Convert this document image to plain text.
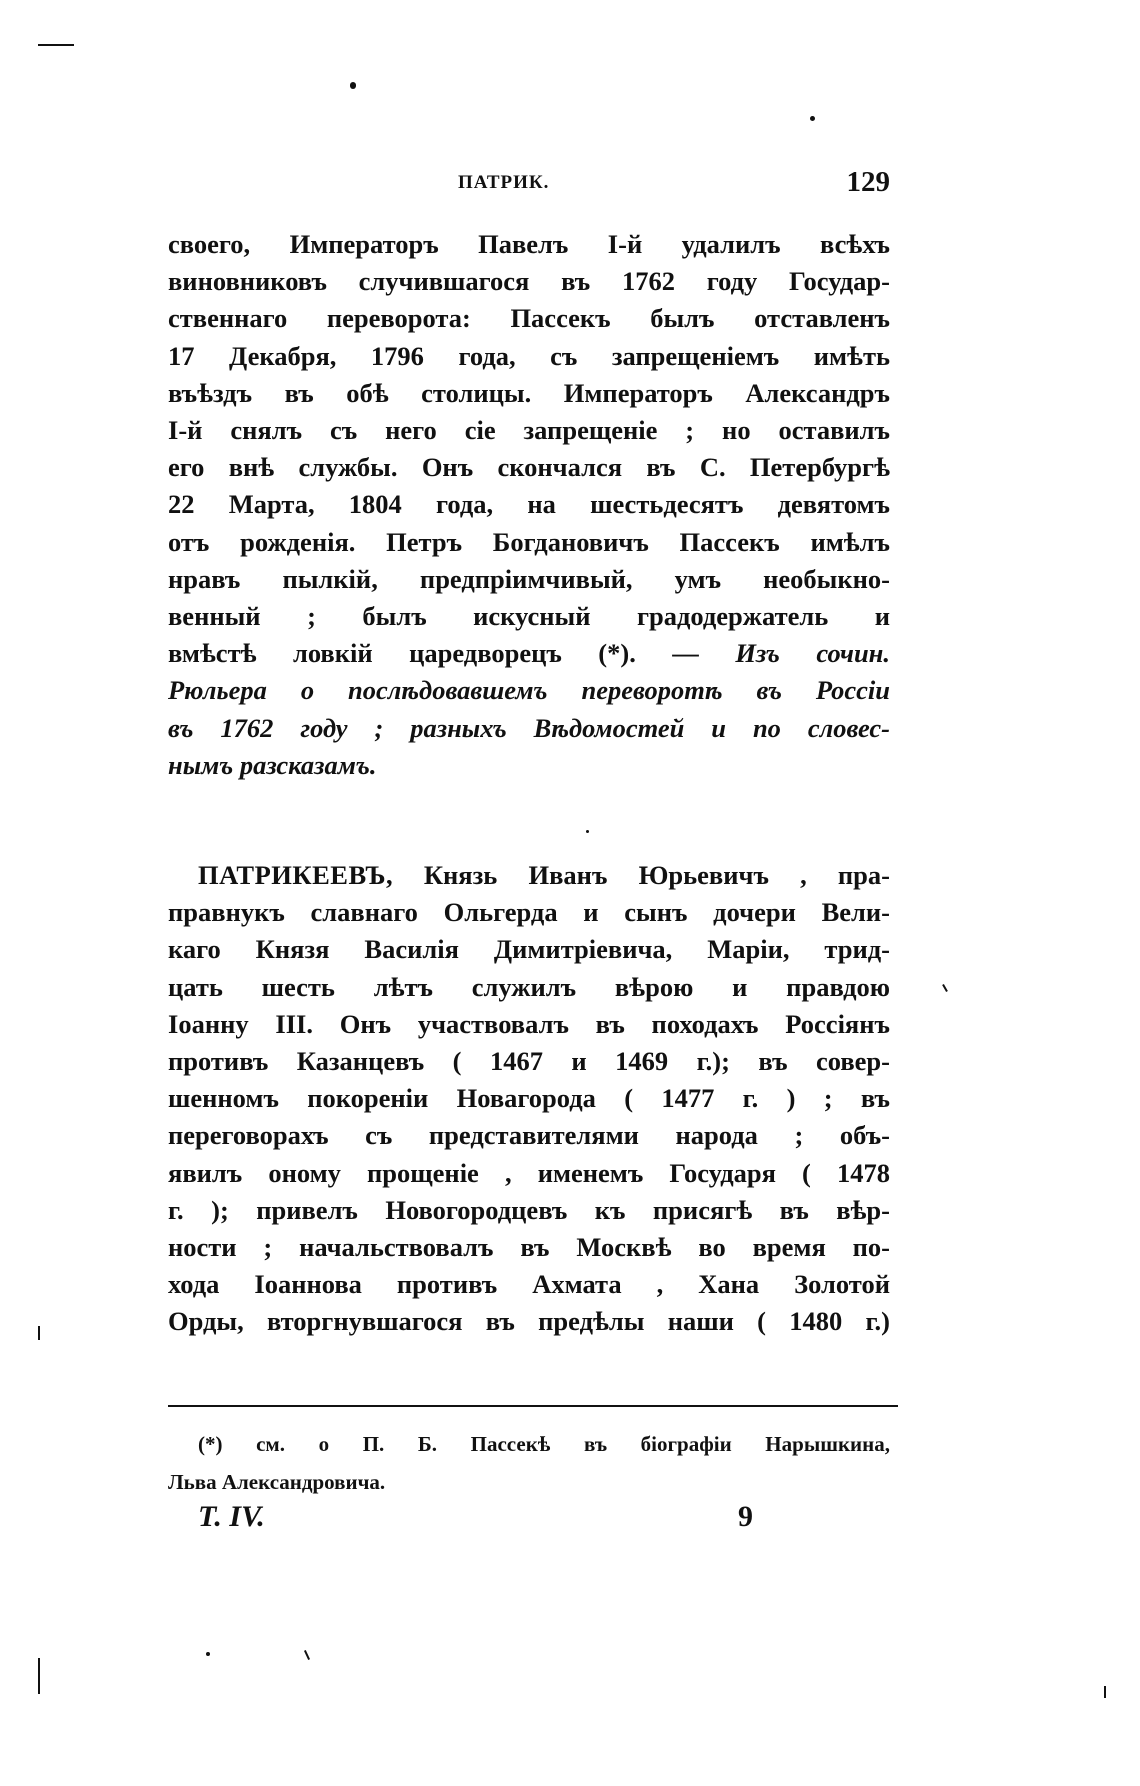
ПАТРИК.	129
своего, Императоръ Павелъ I-й удалилъ всѣхъ
виновниковъ случившагося въ 1762 году Государ-
ственнаго переворота: Пассекъ былъ отставленъ
17 Декабря, 1796 года, съ запрещеніемъ имѣть
въѣздъ въ обѣ столицы. Императоръ Александръ
I-й снялъ съ него сіе запрещеніе ; но оставилъ
его внѣ службы. Онъ скончался въ С. Петербургѣ
22 Марта, 1804 года, на шестьдесятъ девятомъ
отъ рожденія. Петръ Богдановичъ Пассекъ имѣлъ
нравъ пылкій, предпріимчивый, умъ необыкно-
венный ; былъ искусный градодержатель и
вмѣстѣ ловкій царедворецъ (*). — Изъ сочин.
Рюльера о послѣдовавшемъ переворотѣ въ Россіи
въ 1762 году ; разныхъ Вѣдомостей и по словес-
нымъ разсказамъ.
ПАТРИКЕЕВЪ, Князь Иванъ Юрьевичъ , пра-
правнукъ славнаго Ольгерда и сынъ дочери Вели-
каго Князя Василія Димитріевича, Маріи, трид-
цать шесть лѣтъ служилъ вѣрою и правдою
Іоанну III. Онъ участвовалъ въ походахъ Россіянъ
противъ Казанцевъ ( 1467 и 1469 г.); въ совер-
шенномъ покореніи Новагорода ( 1477 г. ) ; въ
переговорахъ съ представителями народа ; объ-
явилъ оному прощеніе , именемъ Государя ( 1478
г. ); привелъ Новогородцевъ къ присягѣ въ вѣр-
ности ; начальствовалъ въ Москвѣ во время по-
хода Іоаннова противъ Ахмата , Хана Золотой
Орды, вторгнувшагося въ предѣлы наши ( 1480 г.)
(*) см. о П. Б. Пассекѣ въ біографіи Нарышкина,
Льва Александровича.
Т. IV.	9
